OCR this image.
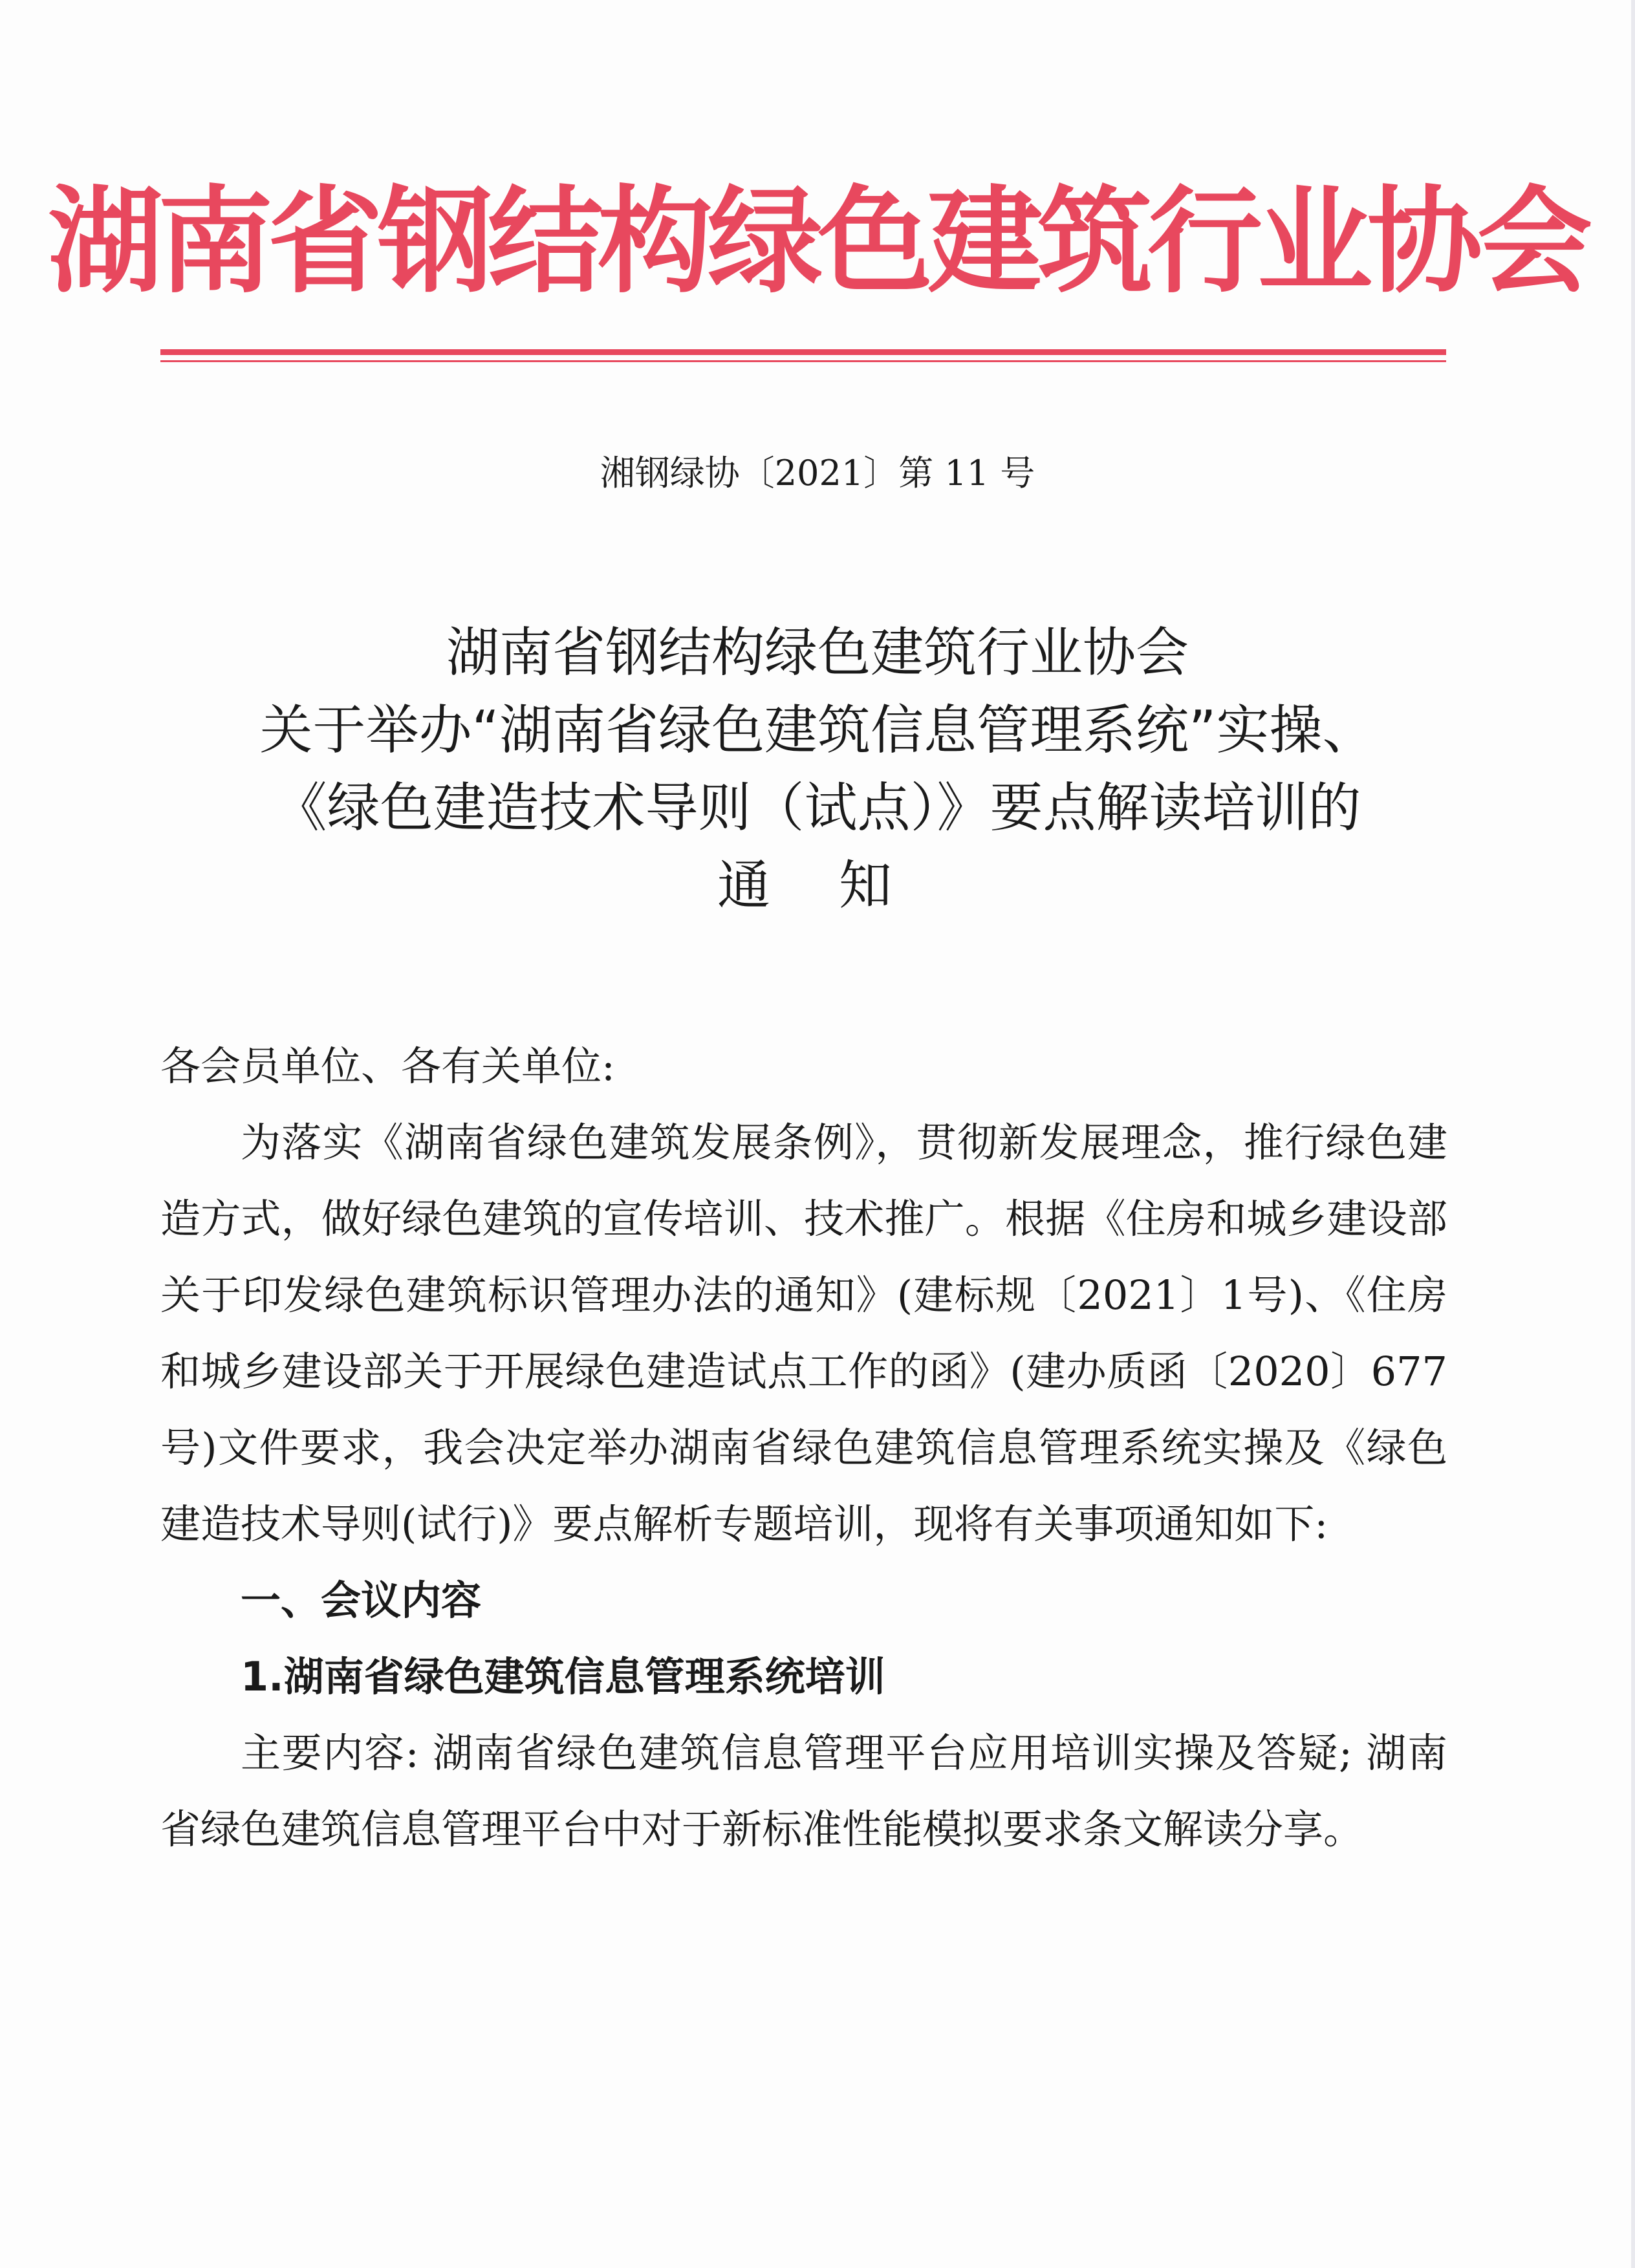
湖南省钢结构绿色建筑行业协会
湘钢绿协〔2021〕第 11 号
湖南省钢结构绿色建筑行业协会
关于举办“湖南省绿色建筑信息管理系统”实操、
《绿色建造技术导则（试点）》要点解读培训的
通 知

各会员单位、各有关单位:

为落实《湖南省绿色建筑发展条例》，贯彻新发展理念，推行绿色建造方式，做好绿色建筑的宣传培训、技术推广。根据《住房和城乡建设部关于印发绿色建筑标识管理办法的通知》(建标规〔2021〕1号)、《住房和城乡建设部关于开展绿色建造试点工作的函》(建办质函〔2020〕677号)文件要求，我会决定举办湖南省绿色建筑信息管理系统实操及《绿色建造技术导则(试行)》要点解析专题培训，现将有关事项通知如下:

一、会议内容

1.湖南省绿色建筑信息管理系统培训

主要内容: 湖南省绿色建筑信息管理平台应用培训实操及答疑; 湖南省绿色建筑信息管理平台中对于新标准性能模拟要求条文解读分享。
